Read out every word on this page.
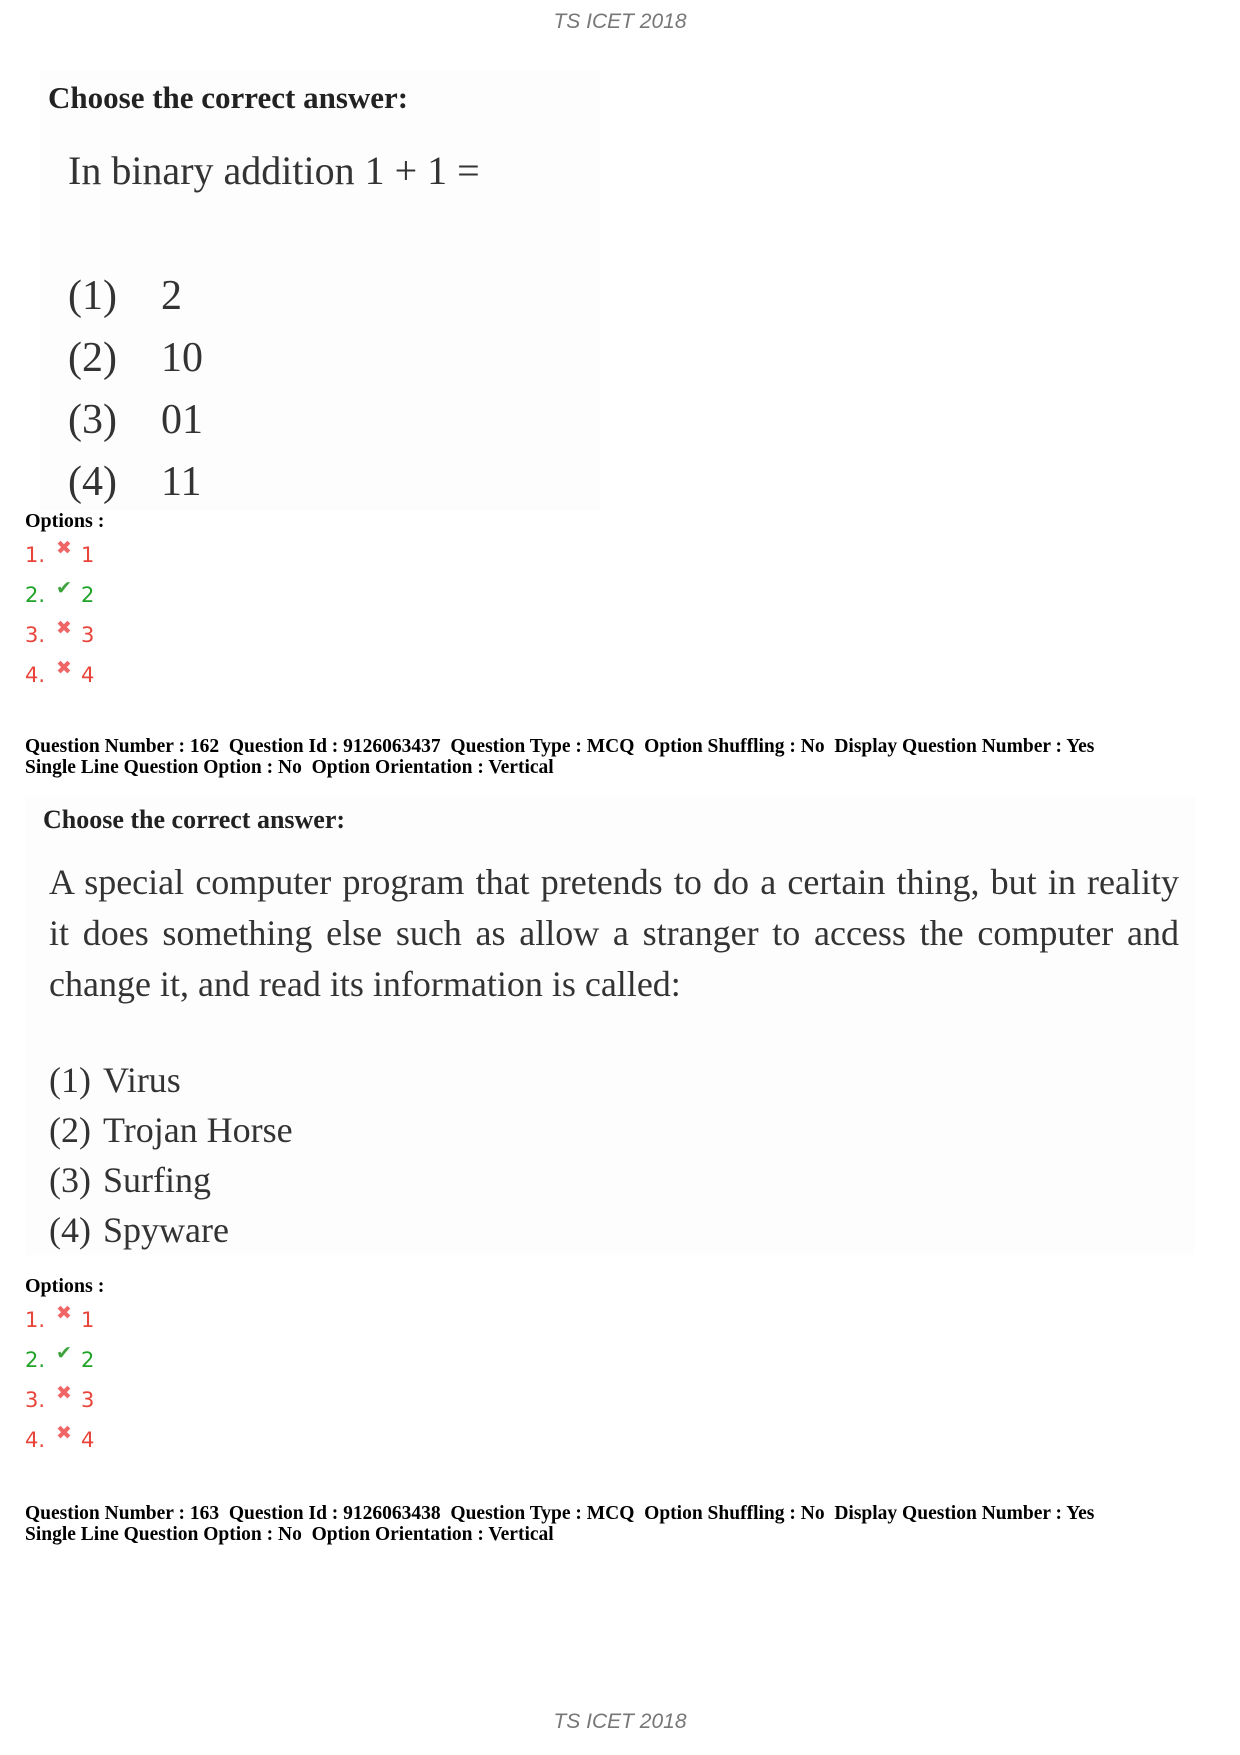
TS ICET 2018
Choose the correct answer:
In binary addition 1 + 1 =
(1) 2
(2) 10
(3) 01
(4) 11
Options :
1. ✖ 1
2. ✔ 2
3. ✖ 3
4. ✖ 4
Question Number : 162  Question Id : 9126063437  Question Type : MCQ  Option Shuffling : No  Display Question Number : Yes
Single Line Question Option : No  Option Orientation : Vertical
Choose the correct answer:
A special computer program that pretends to do a certain thing, but in reality it does something else such as allow a stranger to access the computer and change it, and read its information is called:
(1) Virus
(2) Trojan Horse
(3) Surfing
(4) Spyware
Options :
1. ✖ 1
2. ✔ 2
3. ✖ 3
4. ✖ 4
Question Number : 163  Question Id : 9126063438  Question Type : MCQ  Option Shuffling : No  Display Question Number : Yes
Single Line Question Option : No  Option Orientation : Vertical
TS ICET 2018
